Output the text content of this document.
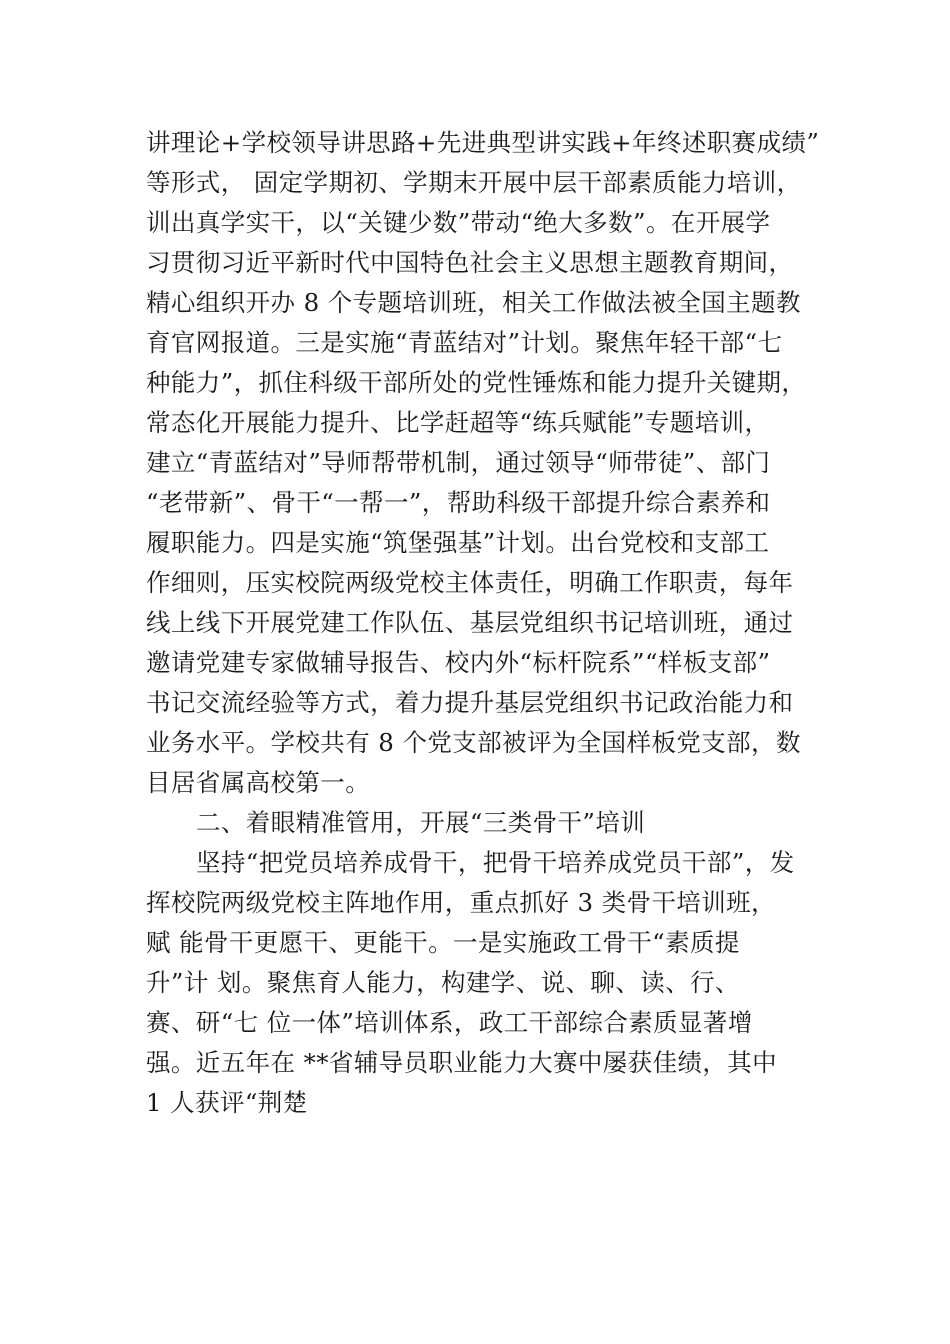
讲理论+学校领导讲思路+先进典型讲实践+年终述职赛成绩”
等形式， 固定学期初、学期末开展中层干部素质能力培训，
训出真学实干，以“关键少数”带动“绝大多数”。在开展学
习贯彻习近平新时代中国特色社会主义思想主题教育期间，
精心组织开办 8 个专题培训班，相关工作做法被全国主题教
育官网报道。三是实施“青蓝结对”计划。聚焦年轻干部“七
种能力”，抓住科级干部所处的党性锤炼和能力提升关键期，
常态化开展能力提升、比学赶超等“练兵赋能”专题培训，
建立“青蓝结对”导师帮带机制，通过领导“师带徒”、部门
“老带新”、骨干“一帮一”，帮助科级干部提升综合素养和
履职能力。四是实施“筑堡强基”计划。出台党校和支部工
作细则，压实校院两级党校主体责任，明确工作职责，每年
线上线下开展党建工作队伍、基层党组织书记培训班，通过
邀请党建专家做辅导报告、校内外“标杆院系”“样板支部”
书记交流经验等方式，着力提升基层党组织书记政治能力和
业务水平。学校共有 8 个党支部被评为全国样板党支部，数
目居省属高校第一。
二、着眼精准管用，开展“三类骨干”培训
坚持“把党员培养成骨干，把骨干培养成党员干部”，发
挥校院两级党校主阵地作用，重点抓好 3 类骨干培训班，
赋 能骨干更愿干、更能干。一是实施政工骨干“素质提
升”计 划。聚焦育人能力，构建学、说、聊、读、行、
赛、研“七 位一体”培训体系，政工干部综合素质显著增
强。近五年在 **省辅导员职业能力大赛中屡获佳绩，其中
1 人获评“荆楚
